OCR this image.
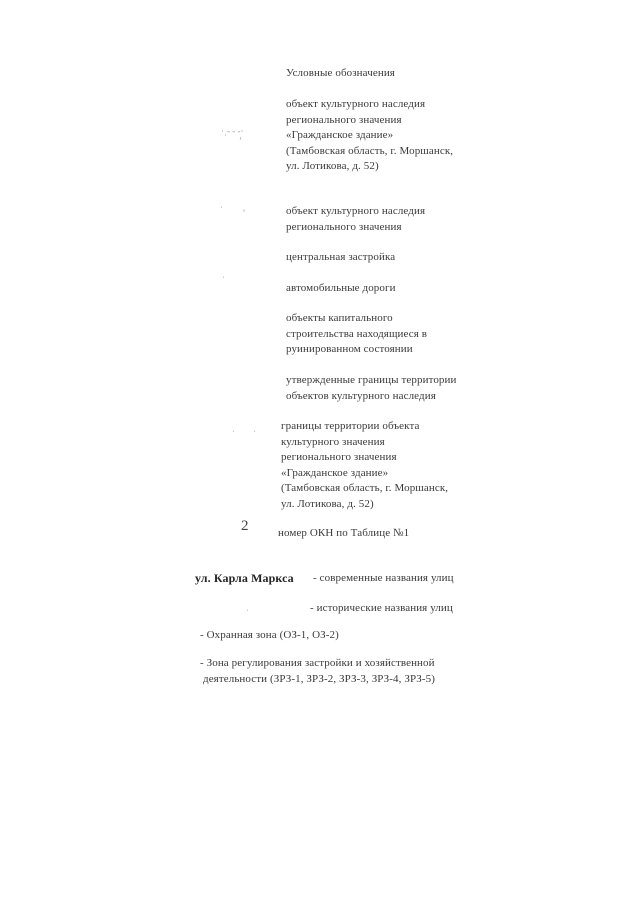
Условные обозначения
·ˌ- - -·
ʼ
объект культурного наследия
регионального значения
«Гражданское здание»
(Тамбовская область, г. Моршанск,
ул. Лотикова, д. 52)
ˌ
ʼ	объект культурного наследия
регионального значения
центральная застройка
ˌ
автомобильные дороги
объекты капитального
строительства находящиеся в
руинированном состоянии
утвержденные границы территории
объектов культурного наследия
ˌ        ˌ границы территории объекта
культурного значения
регионального значения
«Гражданское здание»
(Тамбовская область, г. Моршанск,
ул. Лотикова, д. 52)
2	номер ОКН по Таблице №1
ул. Карла Маркса - современные названия улиц
ˌ	- исторические названия улиц
- Охранная зона (ОЗ-1, ОЗ-2)
- Зона регулирования застройки и хозяйственной
деятельности (ЗРЗ-1, ЗРЗ-2, ЗРЗ-3, ЗРЗ-4, ЗРЗ-5)
